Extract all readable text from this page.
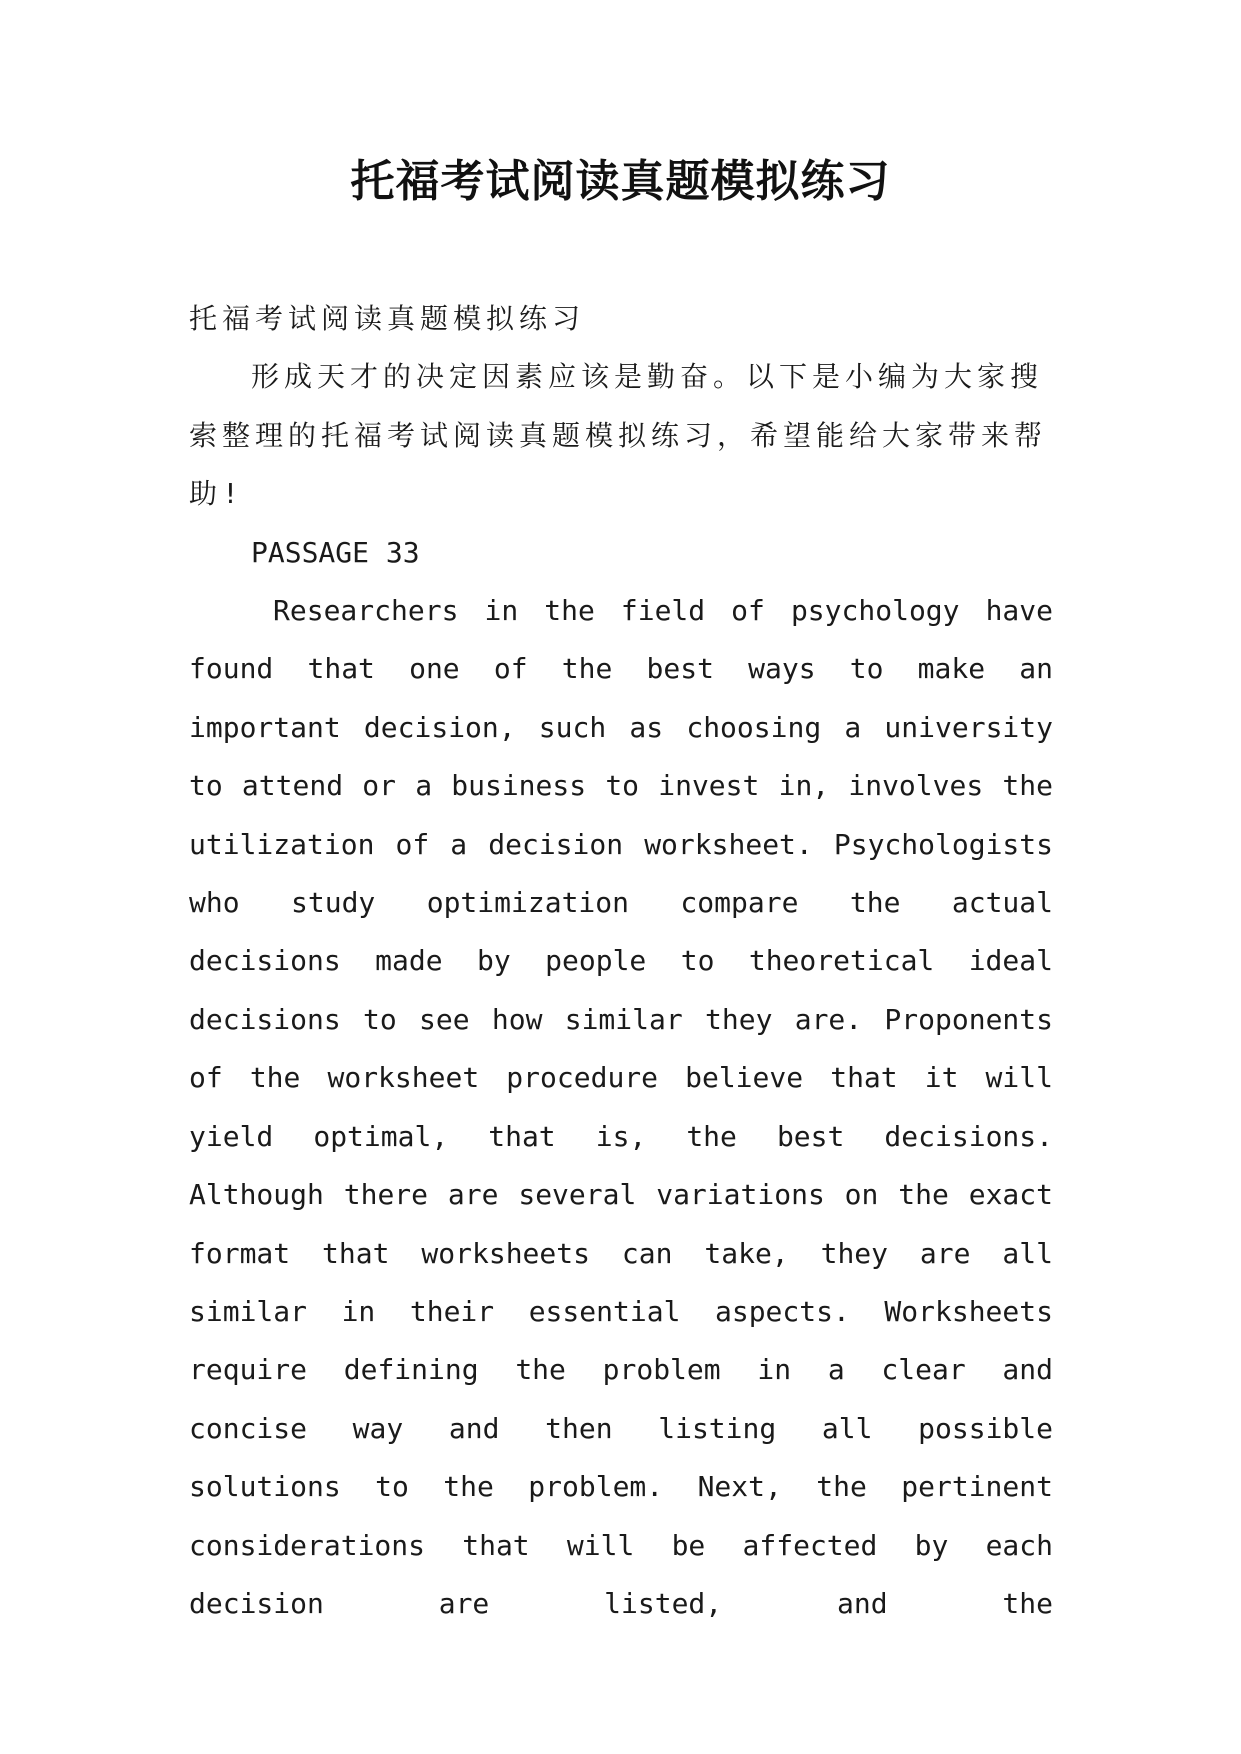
托福考试阅读真题模拟练习

托福考试阅读真题模拟练习

形成天才的决定因素应该是勤奋。以下是小编为大家搜索整理的托福考试阅读真题模拟练习，希望能给大家带来帮助!

PASSAGE 33

Researchers in the field of psychology have found that one of the best ways to make an important decision, such as choosing a university to attend or a business to invest in, involves the utilization of a decision worksheet. Psychologists who study optimization compare the actual decisions made by people to theoretical ideal decisions to see how similar they are. Proponents of the worksheet procedure believe that it will yield optimal, that is, the best decisions. Although there are several variations on the exact format that worksheets can take, they are all similar in their essential aspects. Worksheets require defining the problem in a clear and concise way and then listing all possible solutions to the problem. Next, the pertinent considerations that will be affected by each decision are listed, and the
